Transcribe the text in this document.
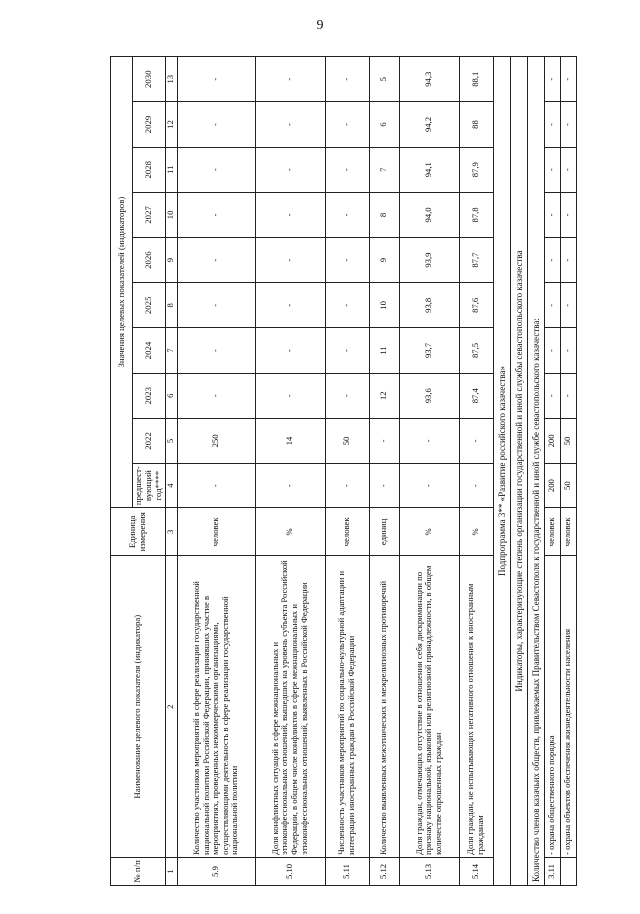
9
№ п/п	Наименование целевого показателя (индикатора)	Единица измерения	Значения целевых показателей (индикаторов)									
			предшест-вующий год****	2022	2023	2024	2025	2026	2027	2028	2029	2030
1	2	3	4	5	6	7	8	9	10	11	12	13
5.9	Количество участников мероприятий в сфере реализации государственной национальной политики Российской Федерации, принявших участие в мероприятиях, проведенных некоммерческими организациями, осуществляющими деятельность в сфере реализации государственной национальной политики	человек	-	250	-	-	-	-	-	-	-	-
5.10	Доля конфликтных ситуаций в сфере межнациональных и этноконфессиональных отношений, вышедших на уровень субъекта Российской Федерации, в общем числе конфликтов в сфере межнациональных и этноконфессиональных отношений, выявленных в Российской Федерации	%	-	14	-	-	-	-	-	-	-	-
5.11	Численность участников мероприятий по социально-культурной адаптации и интеграции иностранных граждан в Российской Федерации	человек	-	50	-	-	-	-	-	-	-	-
5.12	Количество выявленных межэтнических и межрелигиозных противоречий	единиц	-	-	12	11	10	9	8	7	6	5
5.13	Доля граждан, отмечающих отсутствие в отношении себя дискриминации по признаку национальной, языковой или религиозной принадлежности, в общем количестве опрошенных граждан	%	-	-	93,6	93,7	93,8	93,9	94,0	94,1	94,2	94,3
5.14	Доля граждан, не испытывающих негативного отношения к иностранным гражданам	%	-	-	87,4	87,5	87,6	87,7	87,8	87,9	88	88,1
Подпрограмма 3** «Развитие российского казачества»												
Индикаторы, характеризующие степень организации государственной и иной службы севастопольского казачества												
Количество членов казачьих обществ, привлекаемых Правительством Севастополя к государственной и иной службе севастопольского казачества:												
3.11	- охрана общественного порядка	человек	200	200	-	-	-	-	-	-	-	-
	- охрана объектов обеспечения жизнедеятельности населения	человек	50	50	-	-	-	-	-	-	-	-
